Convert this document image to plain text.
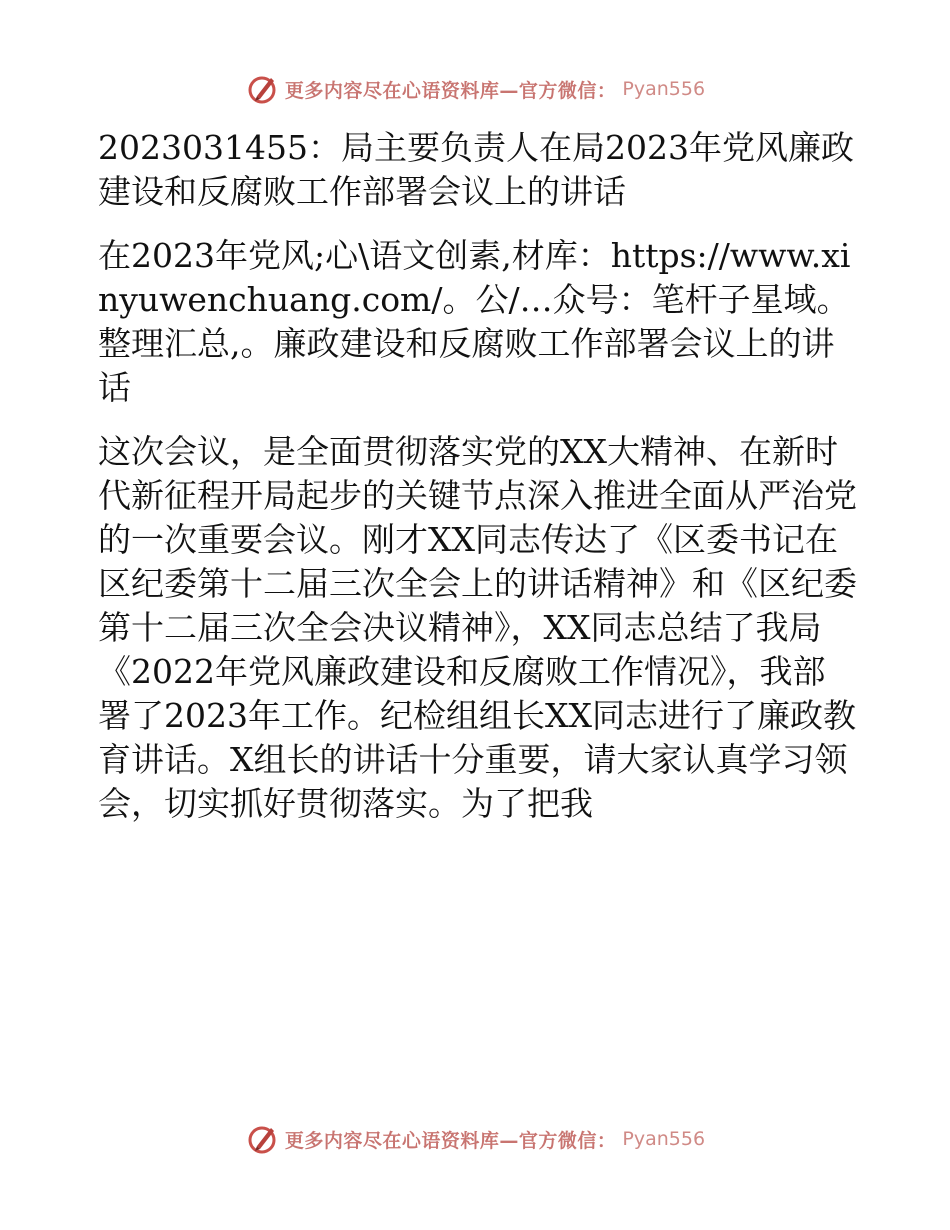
更多内容尽在心语资料库—官方微信： Pyan556

2023031455：局主要负责人在局2023年党风廉政建设和反腐败工作部署会议上的讲话

在2023年党风;心\语文创素,材库：https://www.xinyuwenchuang.com/。公/…众号：笔杆子星域。整理汇总,。廉政建设和反腐败工作部署会议上的讲话

这次会议，是全面贯彻落实党的XX大精神、在新时代新征程开局起步的关键节点深入推进全面从严治党的一次重要会议。刚才XX同志传达了《区委书记在区纪委第十二届三次全会上的讲话精神》和《区纪委第十二届三次全会决议精神》，XX同志总结了我局《2022年党风廉政建设和反腐败工作情况》，我部署了2023年工作。纪检组组长XX同志进行了廉政教育讲话。X组长的讲话十分重要，请大家认真学习领会，切实抓好贯彻落实。为了把我

更多内容尽在心语资料库—官方微信： Pyan556
